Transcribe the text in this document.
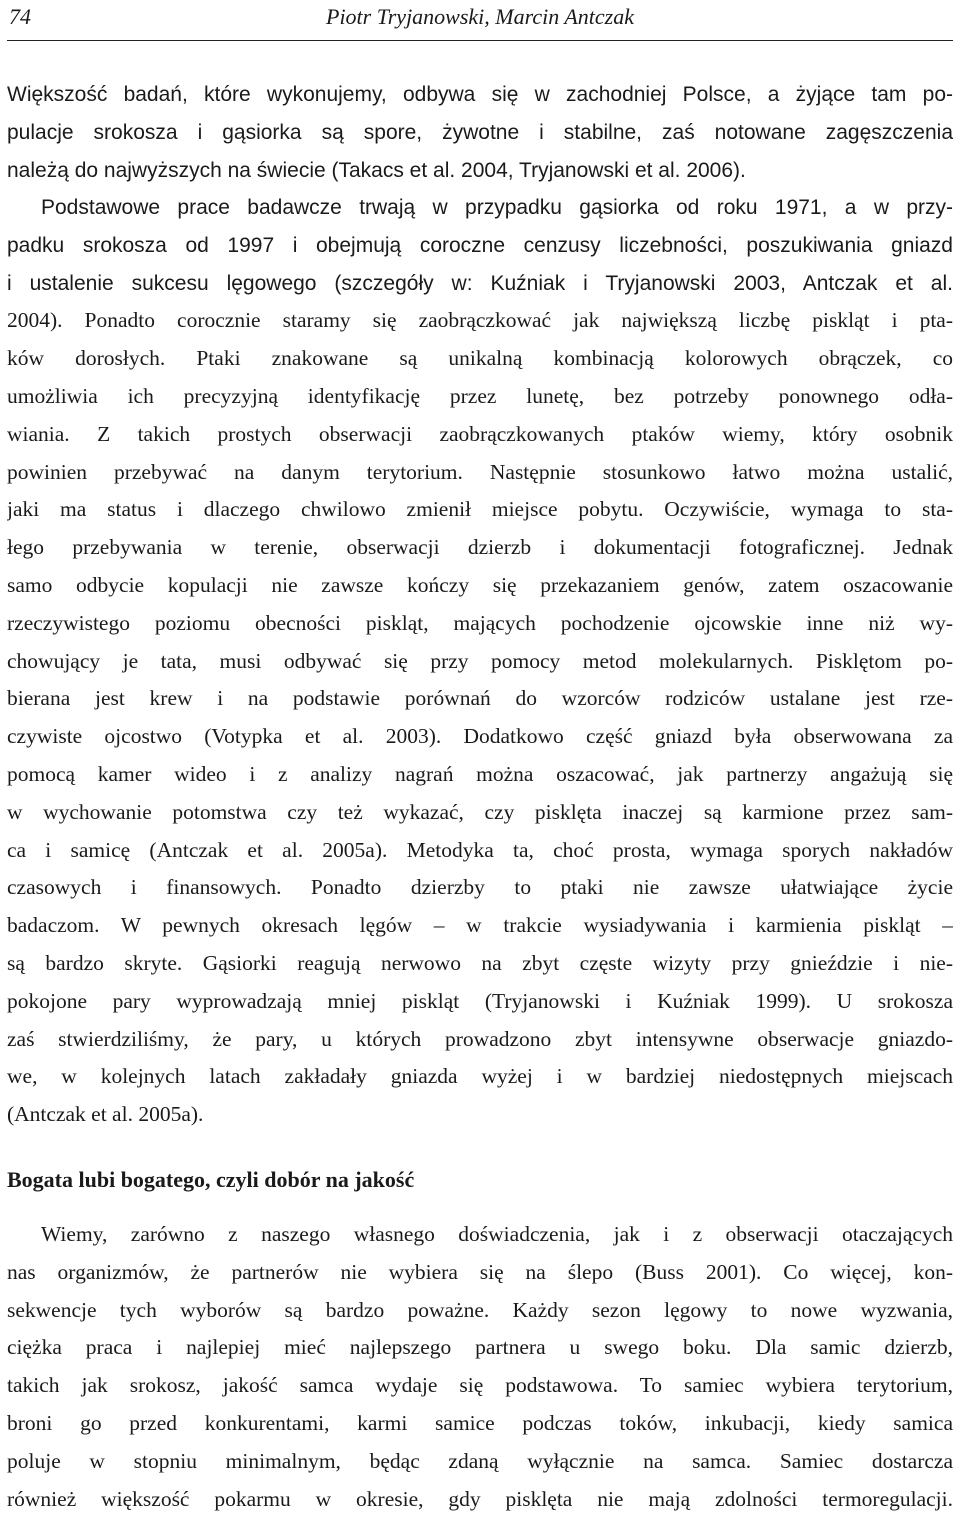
74	Piotr Tryjanowski, Marcin Antczak
Większość badań, które wykonujemy, odbywa się w zachodniej Polsce, a żyjące tam po-
pulacje srokosza i gąsiorka są spore, żywotne i stabilne, zaś notowane zagęszczenia
należą do najwyższych na świecie (Takacs et al. 2004, Tryjanowski et al. 2006).
Podstawowe prace badawcze trwają w przypadku gąsiorka od roku 1971, a w przy-
padku srokosza od 1997 i obejmują coroczne cenzusy liczebności, poszukiwania gniazd
i ustalenie sukcesu lęgowego (szczegóły w: Kuźniak i Tryjanowski 2003, Antczak et al.
2004). Ponadto corocznie staramy się zaobrączkować jak największą liczbę piskląt i pta-
ków dorosłych. Ptaki znakowane są unikalną kombinacją kolorowych obrączek, co
umożliwia ich precyzyjną identyfikację przez lunetę, bez potrzeby ponownego odła-
wiania. Z takich prostych obserwacji zaobrączkowanych ptaków wiemy, który osobnik
powinien przebywać na danym terytorium. Następnie stosunkowo łatwo można ustalić,
jaki ma status i dlaczego chwilowo zmienił miejsce pobytu. Oczywiście, wymaga to sta-
łego przebywania w terenie, obserwacji dzierzb i dokumentacji fotograficznej. Jednak
samo odbycie kopulacji nie zawsze kończy się przekazaniem genów, zatem oszacowanie
rzeczywistego poziomu obecności piskląt, mających pochodzenie ojcowskie inne niż wy-
chowujący je tata, musi odbywać się przy pomocy metod molekularnych. Pisklętom po-
bierana jest krew i na podstawie porównań do wzorców rodziców ustalane jest rze-
czywiste ojcostwo (Votypka et al. 2003). Dodatkowo część gniazd była obserwowana za
pomocą kamer wideo i z analizy nagrań można oszacować, jak partnerzy angażują się
w wychowanie potomstwa czy też wykazać, czy pisklęta inaczej są karmione przez sam-
ca i samicę (Antczak et al. 2005a). Metodyka ta, choć prosta, wymaga sporych nakładów
czasowych i finansowych. Ponadto dzierzby to ptaki nie zawsze ułatwiające życie
badaczom. W pewnych okresach lęgów – w trakcie wysiadywania i karmienia piskląt –
są bardzo skryte. Gąsiorki reagują nerwowo na zbyt częste wizyty przy gnieździe i nie-
pokojone pary wyprowadzają mniej piskląt (Tryjanowski i Kuźniak 1999). U srokosza
zaś stwierdziliśmy, że pary, u których prowadzono zbyt intensywne obserwacje gniazdo-
we, w kolejnych latach zakładały gniazda wyżej i w bardziej niedostępnych miejscach
(Antczak et al. 2005a).
Bogata lubi bogatego, czyli dobór na jakość
Wiemy, zarówno z naszego własnego doświadczenia, jak i z obserwacji otaczających
nas organizmów, że partnerów nie wybiera się na ślepo (Buss 2001). Co więcej, kon-
sekwencje tych wyborów są bardzo poważne. Każdy sezon lęgowy to nowe wyzwania,
ciężka praca i najlepiej mieć najlepszego partnera u swego boku. Dla samic dzierzb,
takich jak srokosz, jakość samca wydaje się podstawowa. To samiec wybiera terytorium,
broni go przed konkurentami, karmi samice podczas toków, inkubacji, kiedy samica
poluje w stopniu minimalnym, będąc zdaną wyłącznie na samca. Samiec dostarcza
również większość pokarmu w okresie, gdy pisklęta nie mają zdolności termoregulacji.
